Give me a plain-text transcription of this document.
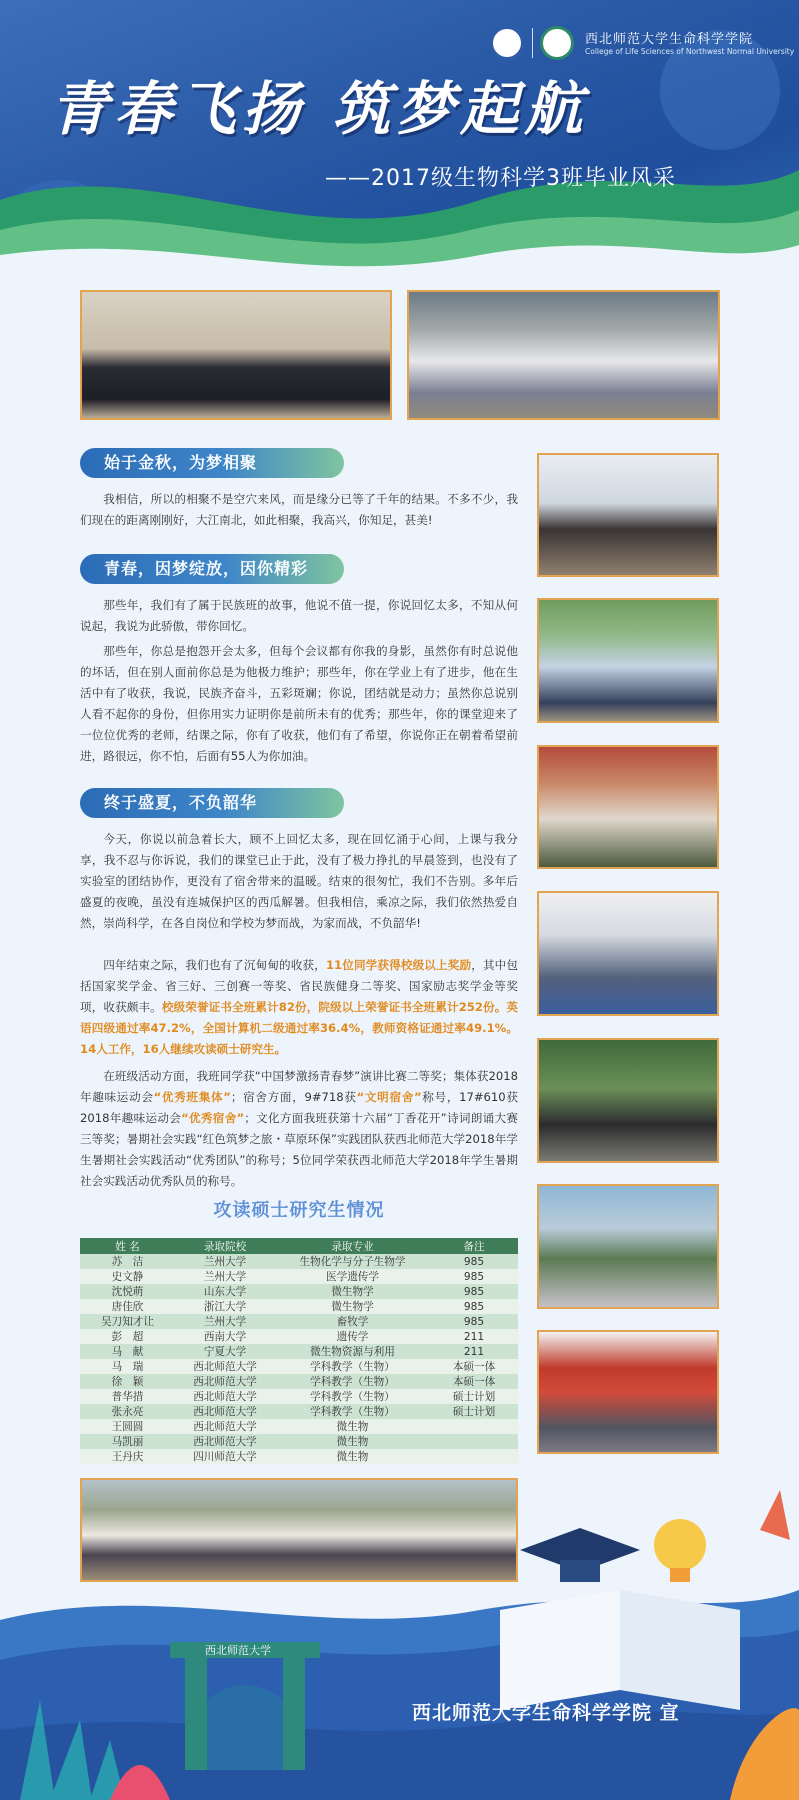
西北师范大学生命科学学院
College of Life Sciences of Northwest Normal University
青春飞扬 筑梦起航
——2017级生物科学3班毕业风采
始于金秋，为梦相聚
我相信，所以的相聚不是空穴来风，而是缘分已等了千年的结果。不多不少，我们现在的距离刚刚好，大江南北，如此相聚，我高兴，你知足，甚美!
青春，因梦绽放，因你精彩
那些年，我们有了属于民族班的故事，他说不值一提，你说回忆太多，不知从何说起，我说为此骄傲，带你回忆。
那些年，你总是抱怨开会太多，但每个会议都有你我的身影，虽然你有时总说他的坏话，但在别人面前你总是为他极力维护；那些年，你在学业上有了进步，他在生活中有了收获，我说，民族齐奋斗，五彩斑斓；你说，团结就是动力；虽然你总说别人看不起你的身份，但你用实力证明你是前所未有的优秀；那些年，你的课堂迎来了一位位优秀的老师，结课之际，你有了收获，他们有了希望，你说你正在朝着希望前进，路很远，你不怕，后面有55人为你加油。
终于盛夏，不负韶华
今天，你说以前急着长大，顾不上回忆太多，现在回忆涌于心间，上课与我分享，我不忍与你诉说，我们的课堂已止于此，没有了极力挣扎的早晨签到，也没有了实验室的团结协作，更没有了宿舍带来的温暖。结束的很匆忙，我们不告别。多年后盛夏的夜晚，虽没有连城保护区的西瓜解暑。但我相信，乘凉之际，我们依然热爱自然，崇尚科学，在各自岗位和学校为梦而战，为家而战，不负韶华!
四年结束之际，我们也有了沉甸甸的收获，11位同学获得校级以上奖励，其中包括国家奖学金、省三好、三创赛一等奖、省民族健身二等奖、国家励志奖学金等奖项，收获颇丰。校级荣誉证书全班累计82份，院级以上荣誉证书全班累计252份。英语四级通过率47.2%，全国计算机二级通过率36.4%，教师资格证通过率49.1%。14人工作，16人继续攻读硕士研究生。
在班级活动方面，我班同学获“中国梦激扬青春梦”演讲比赛二等奖；集体获2018年趣味运动会“优秀班集体”；宿舍方面，9#718获“文明宿舍”称号，17#610获2018年趣味运动会“优秀宿舍”；文化方面我班获第十六届“丁香花开”诗词朗诵大赛三等奖；暑期社会实践“红色筑梦之旅・草原环保”实践团队获西北师范大学2018年学生暑期社会实践活动“优秀团队”的称号；5位同学荣获西北师范大学2018年学生暑期社会实践活动优秀队员的称号。
攻读硕士研究生情况
姓 名	录取院校	录取专业	备注
苏　洁	兰州大学	生物化学与分子生物学	985
史文静	兰州大学	医学遗传学	985
沈悦萌	山东大学	微生物学	985
唐佳欣	浙江大学	微生物学	985
吴刀知才让	兰州大学	畜牧学	985
彭　超	西南大学	遗传学	211
马　献	宁夏大学	微生物资源与利用	211
马　瑞	西北师范大学	学科教学（生物）	本硕一体
徐　颖	西北师范大学	学科教学（生物）	本硕一体
普华措	西北师范大学	学科教学（生物）	硕士计划
张永亮	西北师范大学	学科教学（生物）	硕士计划
王圆圆	西北师范大学	微生物	
马凯丽	西北师范大学	微生物	
王丹庆	四川师范大学	微生物	
西北师范大学
西北师范大学生命科学学院 宣
